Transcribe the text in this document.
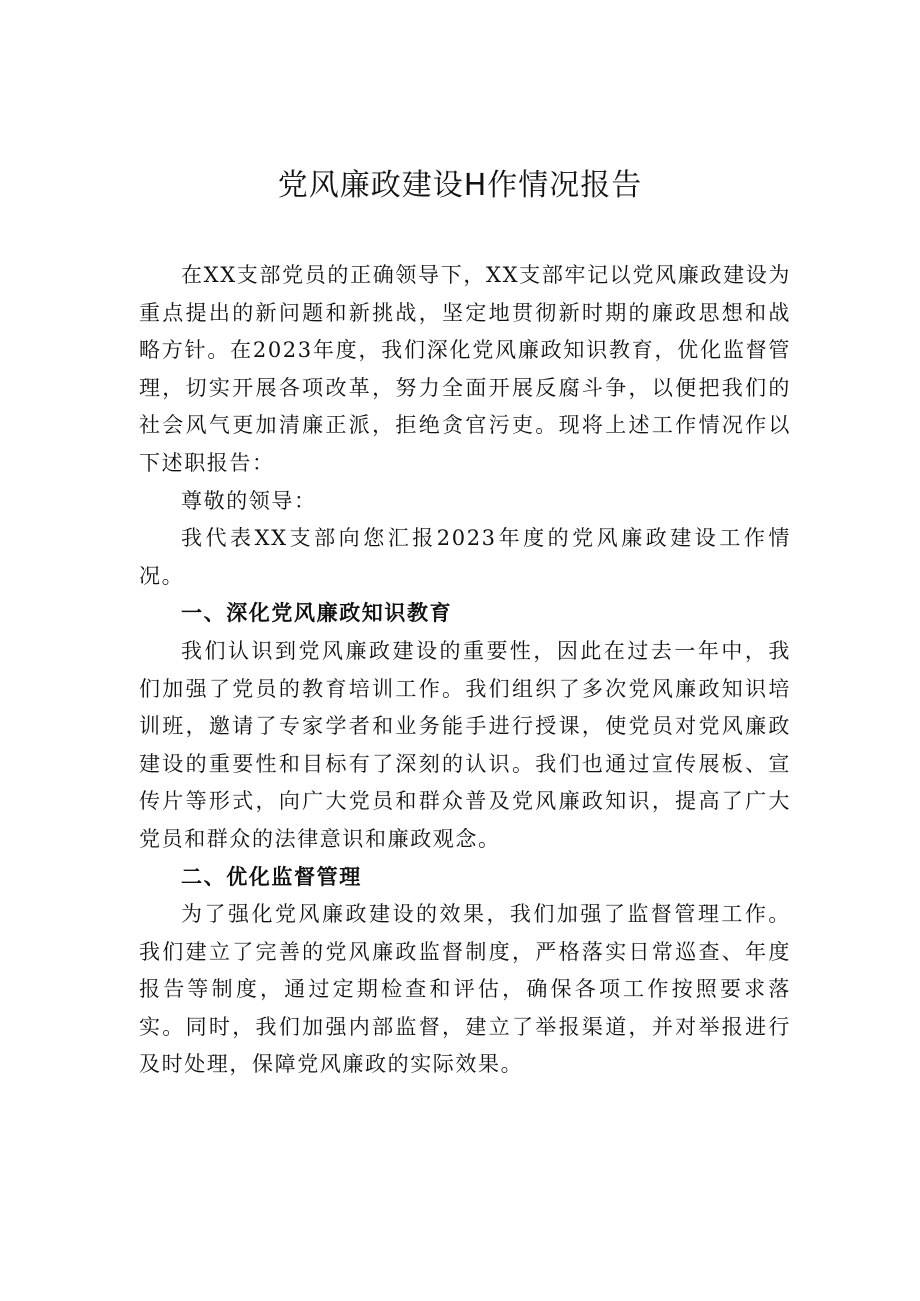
党风廉政建设H作情况报告

在XX支部党员的正确领导下，XX支部牢记以党风廉政建设为重点提出的新问题和新挑战，坚定地贯彻新时期的廉政思想和战略方针。在2023年度，我们深化党风廉政知识教育，优化监督管理，切实开展各项改革，努力全面开展反腐斗争，以便把我们的社会风气更加清廉正派，拒绝贪官污吏。现将上述工作情况作以下述职报告：

尊敬的领导：

我代表XX支部向您汇报2023年度的党风廉政建设工作情况。

一、深化党风廉政知识教育

我们认识到党风廉政建设的重要性，因此在过去一年中，我们加强了党员的教育培训工作。我们组织了多次党风廉政知识培训班，邀请了专家学者和业务能手进行授课，使党员对党风廉政建设的重要性和目标有了深刻的认识。我们也通过宣传展板、宣传片等形式，向广大党员和群众普及党风廉政知识，提高了广大党员和群众的法律意识和廉政观念。

二、优化监督管理

为了强化党风廉政建设的效果，我们加强了监督管理工作。我们建立了完善的党风廉政监督制度，严格落实日常巡查、年度报告等制度，通过定期检查和评估，确保各项工作按照要求落实。同时，我们加强内部监督，建立了举报渠道，并对举报进行及时处理，保障党风廉政的实际效果。
